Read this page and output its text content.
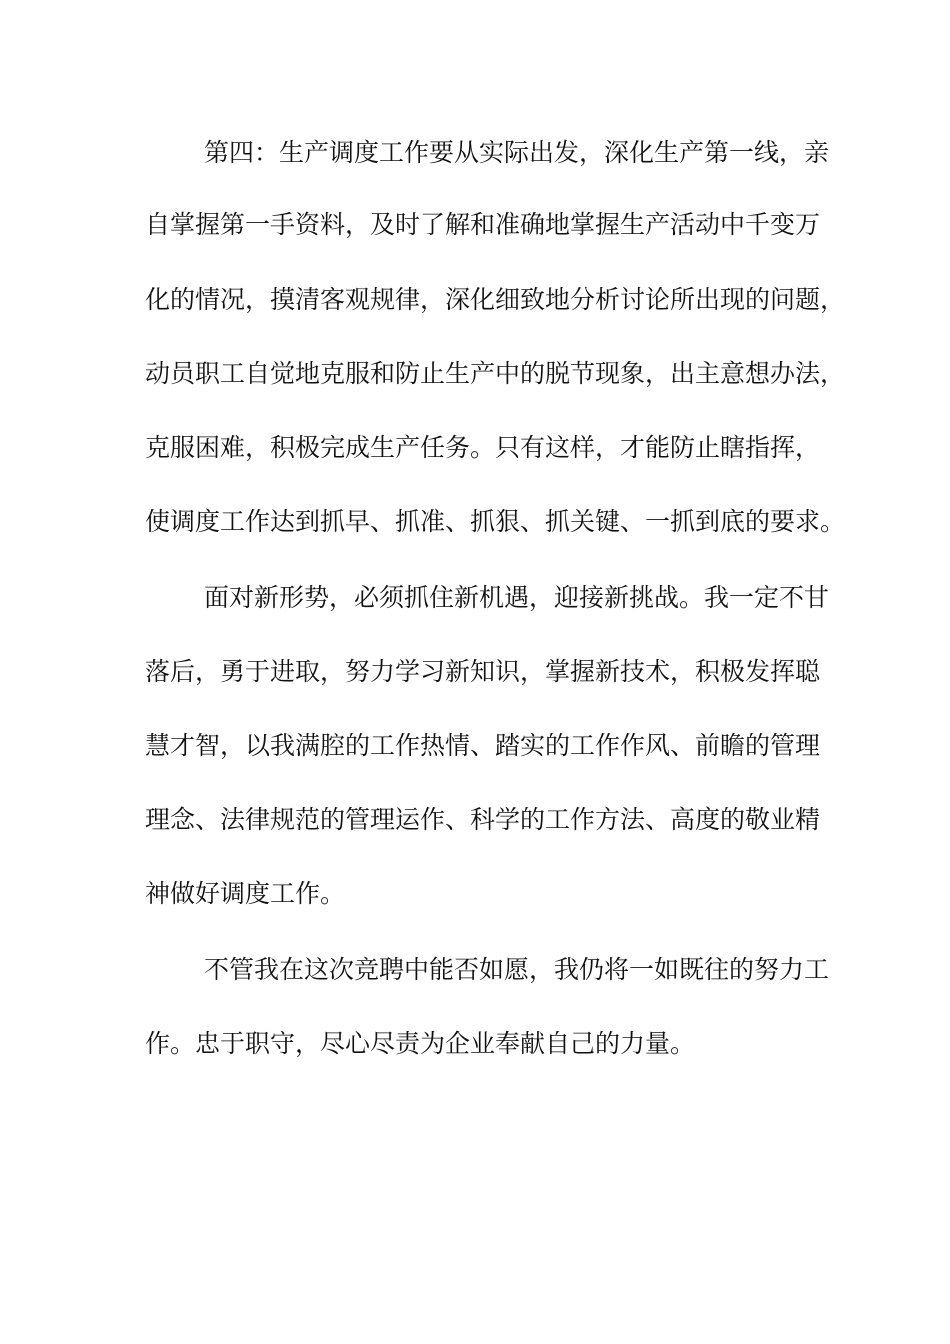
第四：生产调度工作要从实际出发，深化生产第一线，亲
自掌握第一手资料，及时了解和准确地掌握生产活动中千变万
化的情况，摸清客观规律，深化细致地分析讨论所出现的问题，
动员职工自觉地克服和防止生产中的脱节现象，出主意想办法，
克服困难，积极完成生产任务。只有这样，才能防止瞎指挥，
使调度工作达到抓早、抓准、抓狠、抓关键、一抓到底的要求。
面对新形势，必须抓住新机遇，迎接新挑战。我一定不甘
落后，勇于进取，努力学习新知识，掌握新技术，积极发挥聪
慧才智，以我满腔的工作热情、踏实的工作作风、前瞻的管理
理念、法律规范的管理运作、科学的工作方法、高度的敬业精
神做好调度工作。
不管我在这次竞聘中能否如愿，我仍将一如既往的努力工
作。忠于职守，尽心尽责为企业奉献自己的力量。
